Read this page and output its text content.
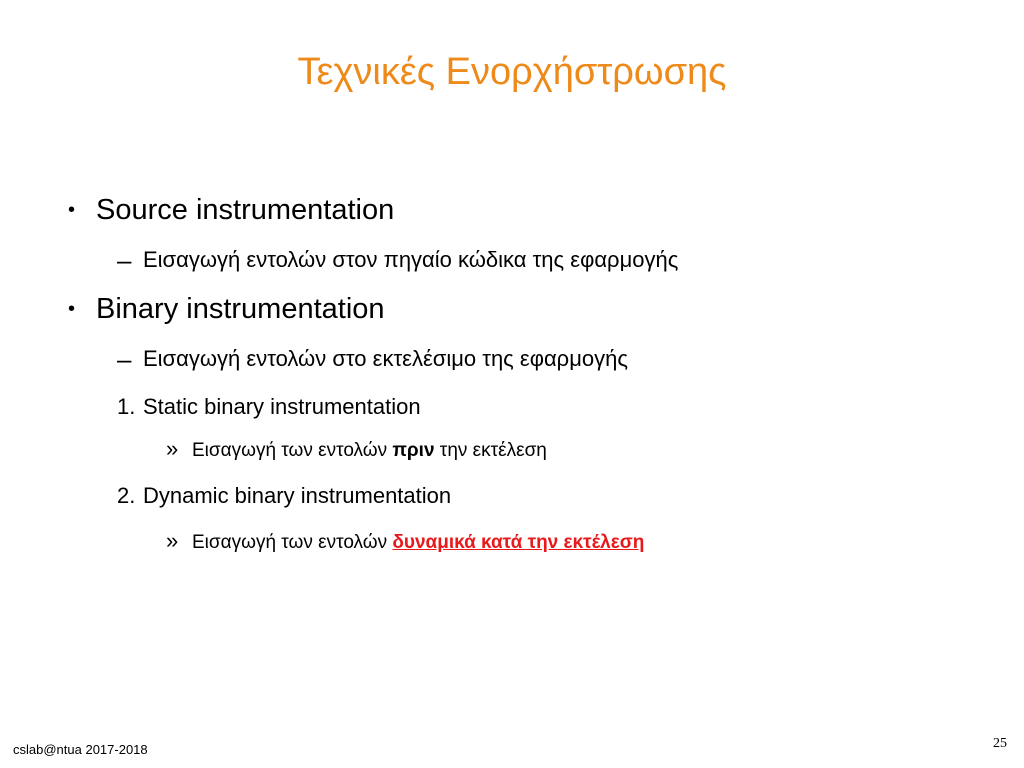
Τεχνικές Ενορχήστρωσης
• Source instrumentation
– Εισαγωγή εντολών στον πηγαίο κώδικα της εφαρμογής
• Binary instrumentation
– Εισαγωγή εντολών στο εκτελέσιμο της εφαρμογής
1. Static binary instrumentation
» Εισαγωγή των εντολών πριν την εκτέλεση
2. Dynamic binary instrumentation
» Εισαγωγή των εντολών δυναμικά κατά την εκτέλεση
cslab@ntua 2017-2018	25
